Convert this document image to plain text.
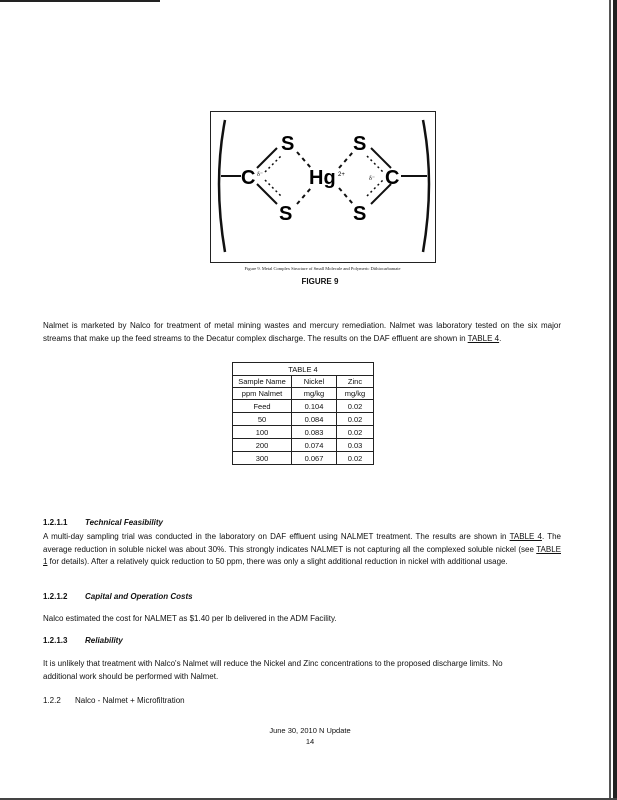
S
S
S
S
C	C
δ⁻
δ⁻
Hg 2+
Figure 9. Metal Complex Structure of Small Molecule and Polymeric Dithiocarbamate
FIGURE 9
Nalmet is marketed by Nalco for treatment of metal mining wastes and mercury remediation. Nalmet was laboratory tested on the six major streams that make up the feed streams to the Decatur complex discharge. The results on the DAF effluent are shown in TABLE 4.
TABLE 4		
Sample Name	Nickel	Zinc
ppm Nalmet	mg/kg	mg/kg
Feed	0.104	0.02
50	0.084	0.02
100	0.083	0.02
200	0.074	0.03
300	0.067	0.02
1.2.1.1 Technical Feasibility
A multi-day sampling trial was conducted in the laboratory on DAF effluent using NALMET treatment. The results are shown in TABLE 4. The average reduction in soluble nickel was about 30%. This strongly indicates NALMET is not capturing all the complexed soluble nickel (see TABLE 1 for details). After a relatively quick reduction to 50 ppm, there was only a slight additional reduction in nickel with additional usage.
1.2.1.2 Capital and Operation Costs
Nalco estimated the cost for NALMET as $1.40 per lb delivered in the ADM Facility.
1.2.1.3 Reliability
It is unlikely that treatment with Nalco's Nalmet will reduce the Nickel and Zinc concentrations to the proposed discharge limits. No additional work should be performed with Nalmet.
1.2.2 Nalco - Nalmet + Microfiltration
June 30, 2010 N Update
14
